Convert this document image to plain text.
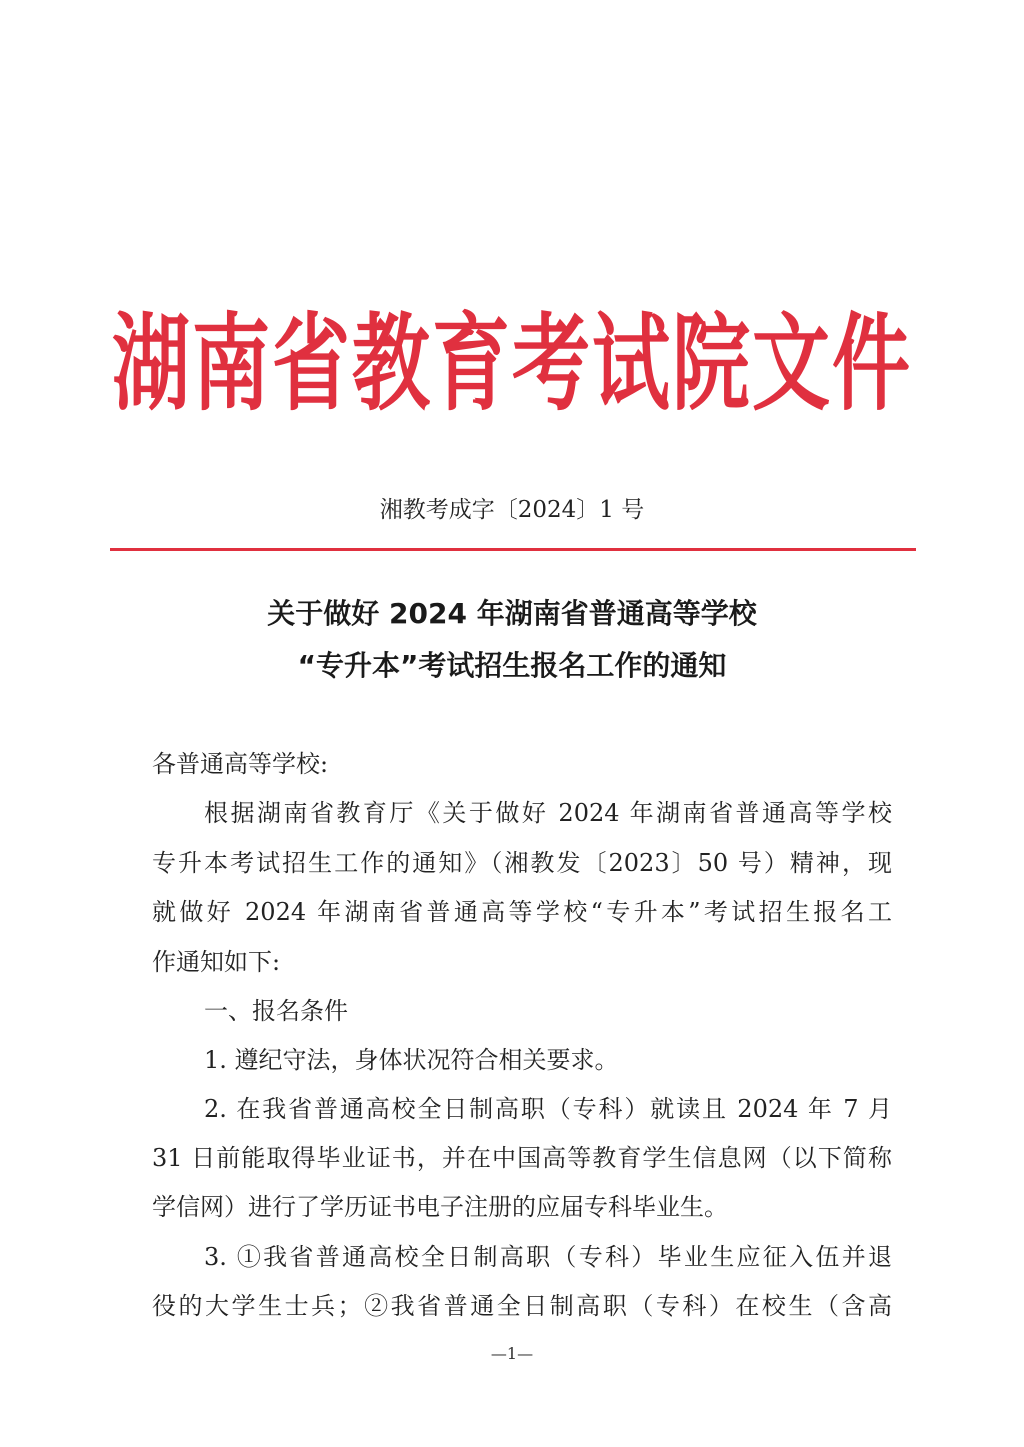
湖南省教育考试院文件
湘教考成字〔2024〕1 号
关于做好 2024 年湖南省普通高等学校
“专升本”考试招生报名工作的通知
各普通高等学校:
根据湖南省教育厅《关于做好 2024 年湖南省普通高等学校
专升本考试招生工作的通知》（湘教发〔2023〕50 号）精神，现
就做好 2024 年湖南省普通高等学校“专升本”考试招生报名工
作通知如下:
一、报名条件
1. 遵纪守法，身体状况符合相关要求。
2. 在我省普通高校全日制高职（专科）就读且 2024 年 7 月
31 日前能取得毕业证书，并在中国高等教育学生信息网（以下简称
学信网）进行了学历证书电子注册的应届专科毕业生。
3. ①我省普通高校全日制高职（专科）毕业生应征入伍并退
役的大学生士兵；②我省普通全日制高职（专科）在校生（含高
—1—
